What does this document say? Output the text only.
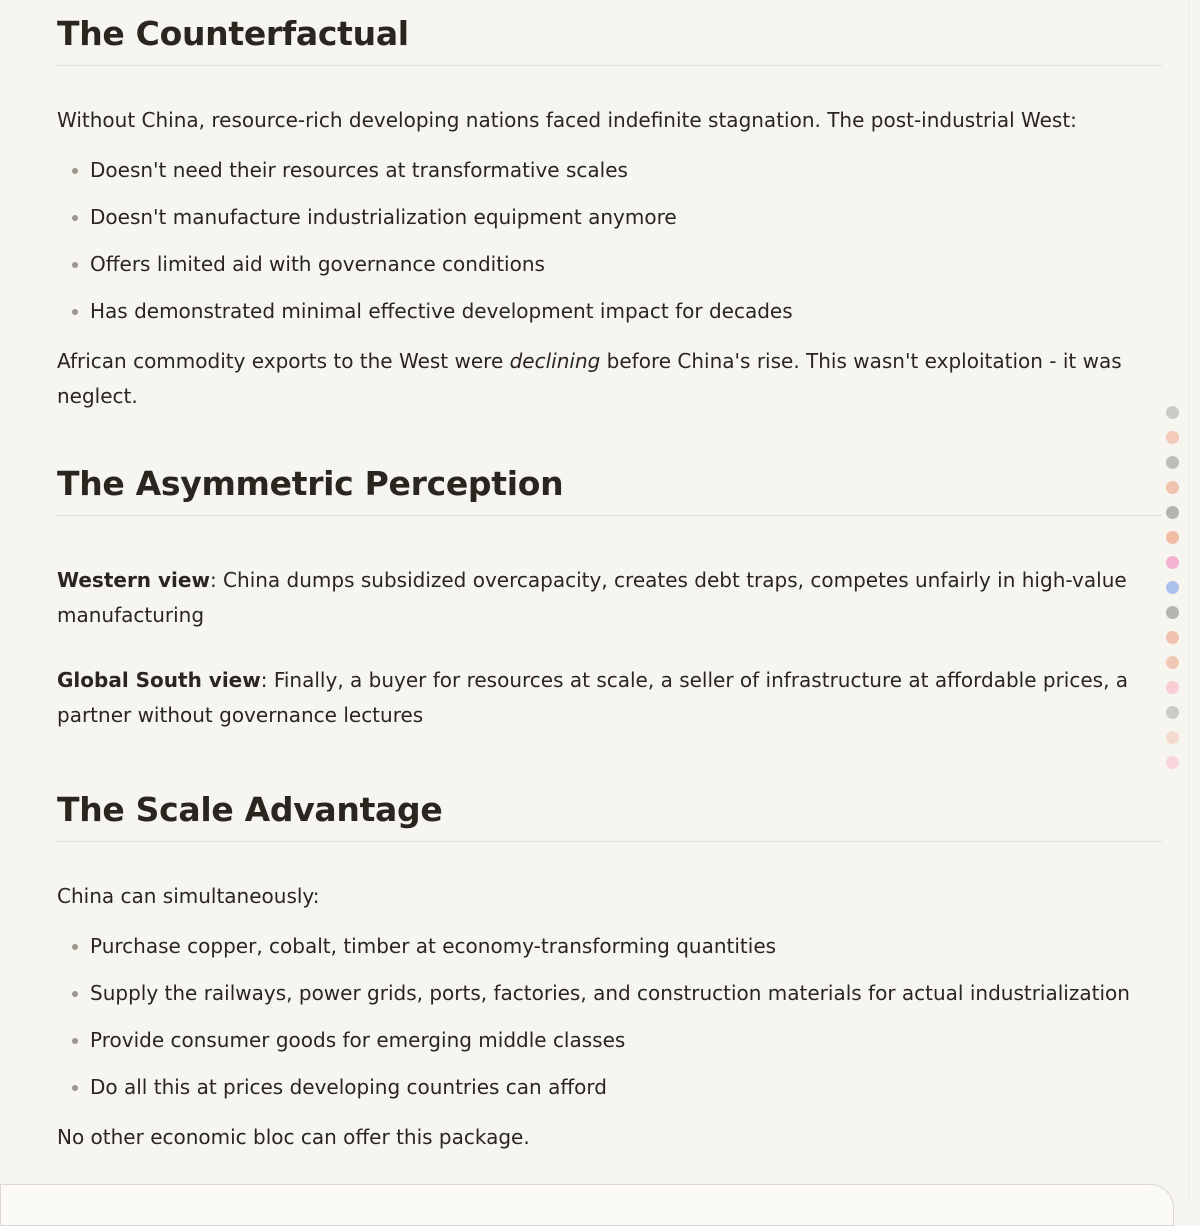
The Counterfactual

Without China, resource-rich developing nations faced indefinite stagnation. The post-industrial West:

Doesn't need their resources at transformative scales
Doesn't manufacture industrialization equipment anymore
Offers limited aid with governance conditions
Has demonstrated minimal effective development impact for decades

African commodity exports to the West were declining before China's rise. This wasn't exploitation - it was neglect.

The Asymmetric Perception

Western view: China dumps subsidized overcapacity, creates debt traps, competes unfairly in high-value manufacturing

Global South view: Finally, a buyer for resources at scale, a seller of infrastructure at affordable prices, a partner without governance lectures

The Scale Advantage

China can simultaneously:

Purchase copper, cobalt, timber at economy-transforming quantities
Supply the railways, power grids, ports, factories, and construction materials for actual industrialization
Provide consumer goods for emerging middle classes
Do all this at prices developing countries can afford

No other economic bloc can offer this package.
